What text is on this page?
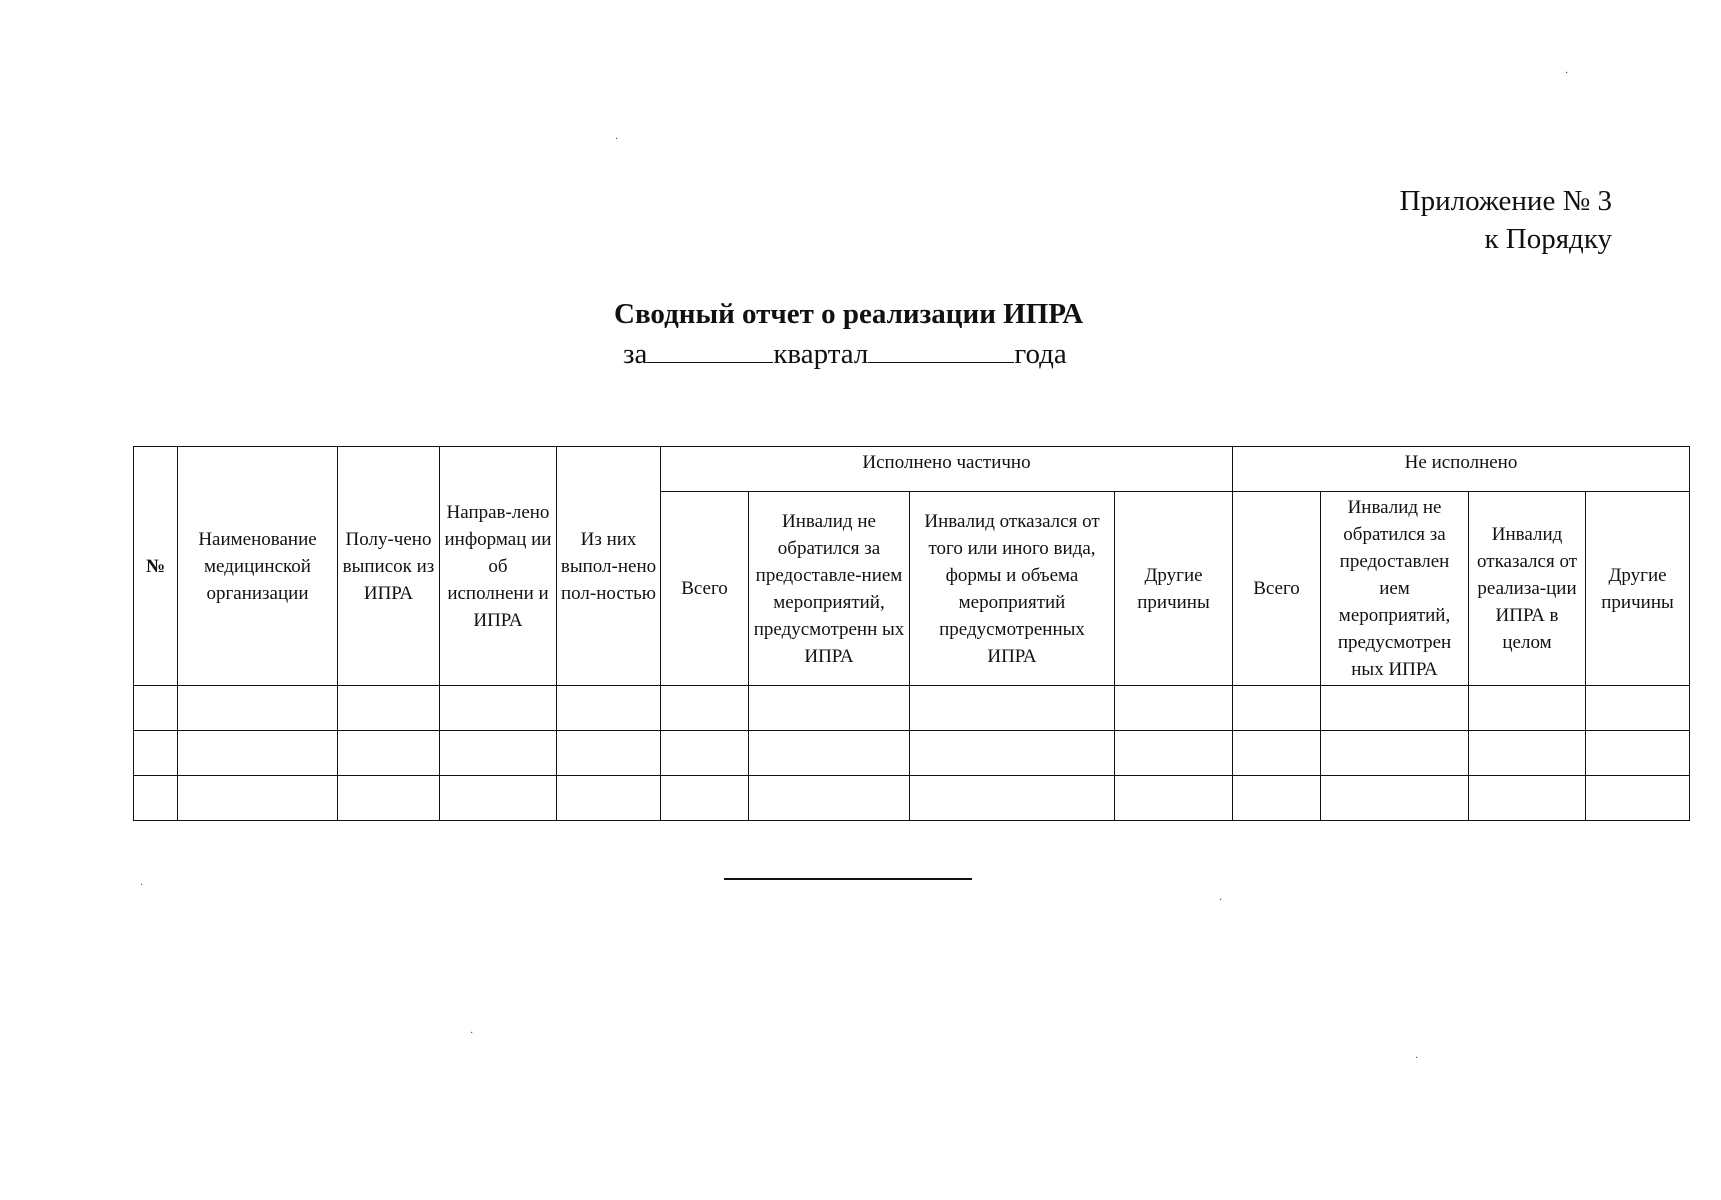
Приложение № 3
к Порядку
Сводный отчет о реализации ИПРА
за	квартал	года
№	Наименование медицинской организации	Полу-чено выписок из ИПРА	Направ-лено информац ии об исполнени и ИПРА	Из них выпол-нено пол-ностью	Исполнено частично				Не исполнено			
					Всего	Инвалид не обратился за предоставле-нием мероприятий, предусмотренн ых ИПРА	Инвалид отказался от того или иного вида, формы и объема мероприятий предусмотренных ИПРА	Другие причины	Всего	Инвалид не обратился за предоставлен ием мероприятий, предусмотрен ных ИПРА	Инвалид отказался от реализа-ции ИПРА в целом	Другие причины

·
·
·
·
·
·
